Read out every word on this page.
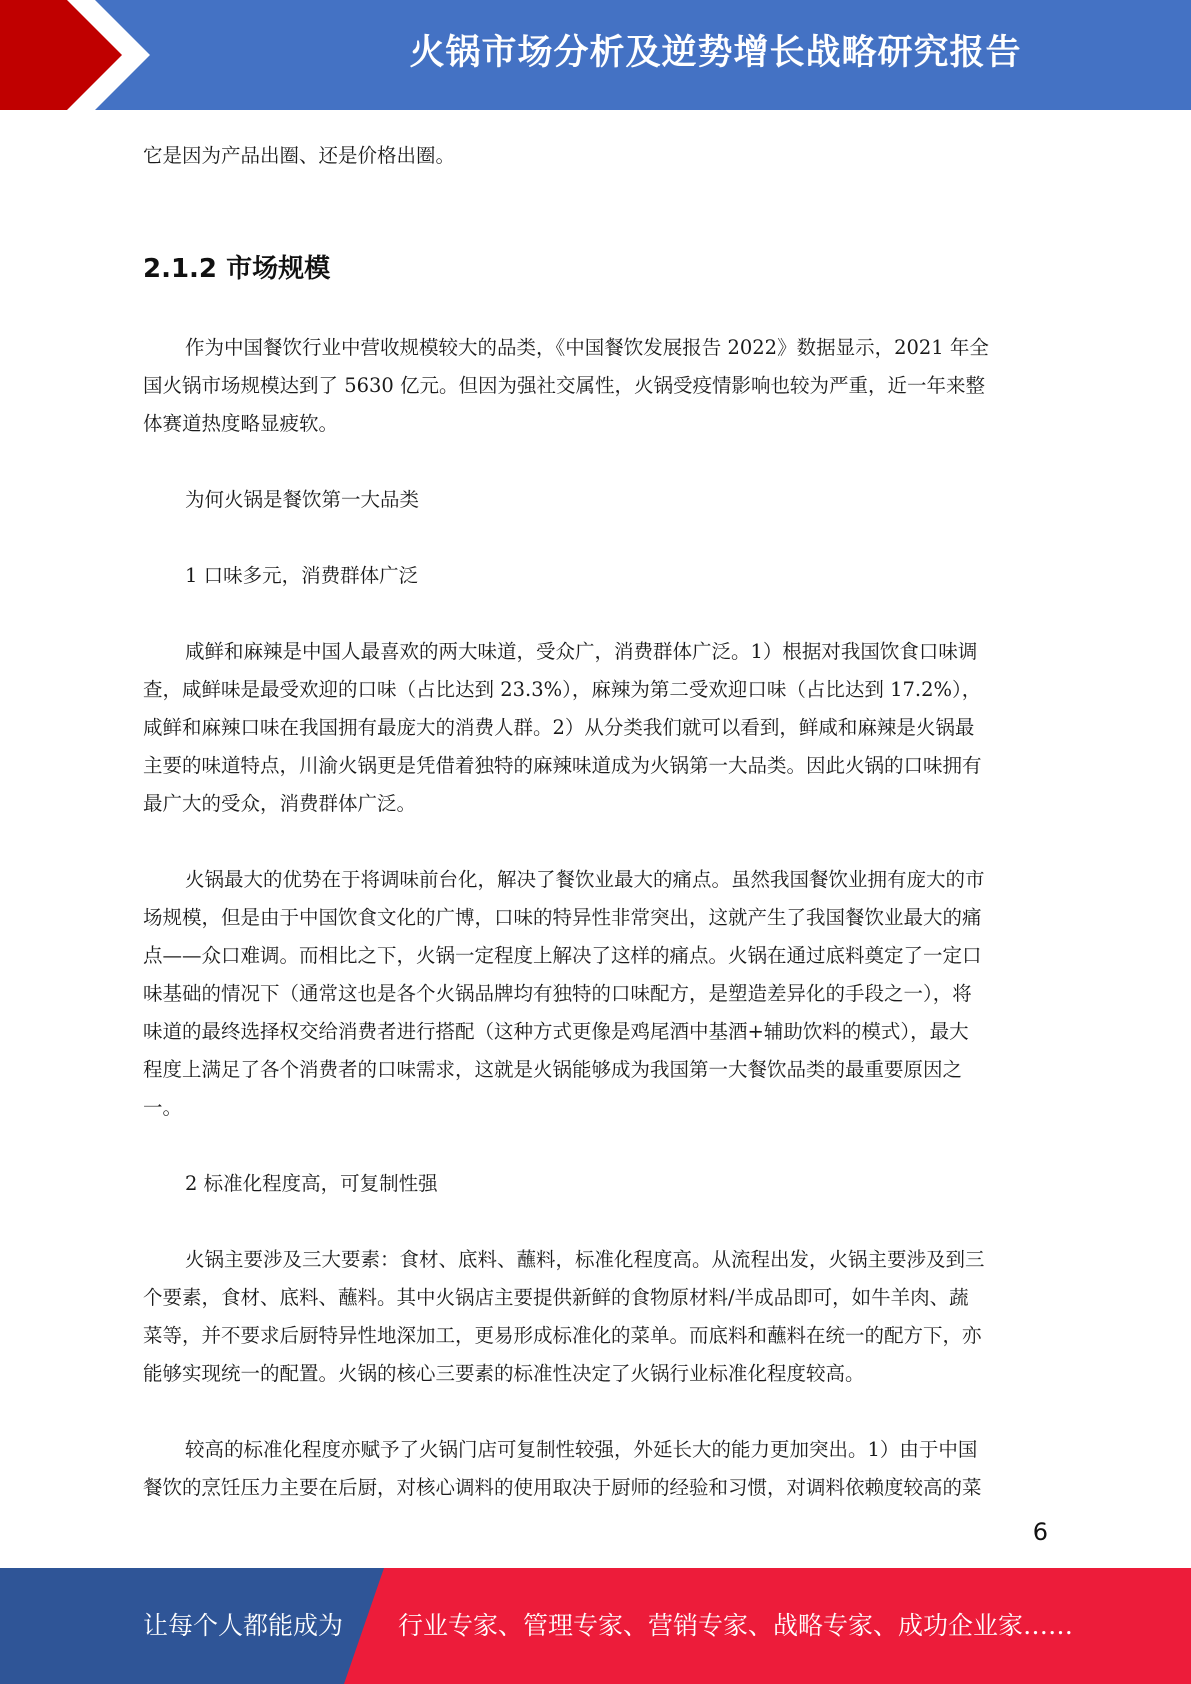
火锅市场分析及逆势增长战略研究报告
它是因为产品出圈、还是价格出圈。
2.1.2 市场规模
作为中国餐饮行业中营收规模较大的品类，《中国餐饮发展报告 2022》数据显示，2021 年全
国火锅市场规模达到了 5630 亿元。但因为强社交属性，火锅受疫情影响也较为严重，近一年来整
体赛道热度略显疲软。
为何火锅是餐饮第一大品类
1 口味多元，消费群体广泛
咸鲜和麻辣是中国人最喜欢的两大味道，受众广，消费群体广泛。1）根据对我国饮食口味调
查，咸鲜味是最受欢迎的口味（占比达到 23.3%），麻辣为第二受欢迎口味（占比达到 17.2%），
咸鲜和麻辣口味在我国拥有最庞大的消费人群。2）从分类我们就可以看到，鲜咸和麻辣是火锅最
主要的味道特点，川渝火锅更是凭借着独特的麻辣味道成为火锅第一大品类。因此火锅的口味拥有
最广大的受众，消费群体广泛。
火锅最大的优势在于将调味前台化，解决了餐饮业最大的痛点。虽然我国餐饮业拥有庞大的市
场规模，但是由于中国饮食文化的广博，口味的特异性非常突出，这就产生了我国餐饮业最大的痛
点——众口难调。而相比之下，火锅一定程度上解决了这样的痛点。火锅在通过底料奠定了一定口
味基础的情况下（通常这也是各个火锅品牌均有独特的口味配方，是塑造差异化的手段之一），将
味道的最终选择权交给消费者进行搭配（这种方式更像是鸡尾酒中基酒+辅助饮料的模式），最大
程度上满足了各个消费者的口味需求，这就是火锅能够成为我国第一大餐饮品类的最重要原因之
一。
2 标准化程度高，可复制性强
火锅主要涉及三大要素：食材、底料、蘸料，标准化程度高。从流程出发，火锅主要涉及到三
个要素，食材、底料、蘸料。其中火锅店主要提供新鲜的食物原材料/半成品即可，如牛羊肉、蔬
菜等，并不要求后厨特异性地深加工，更易形成标准化的菜单。而底料和蘸料在统一的配方下，亦
能够实现统一的配置。火锅的核心三要素的标准性决定了火锅行业标准化程度较高。
较高的标准化程度亦赋予了火锅门店可复制性较强，外延长大的能力更加突出。1）由于中国
餐饮的烹饪压力主要在后厨，对核心调料的使用取决于厨师的经验和习惯，对调料依赖度较高的菜
6
让每个人都能成为 行业专家、管理专家、营销专家、战略专家、成功企业家……
